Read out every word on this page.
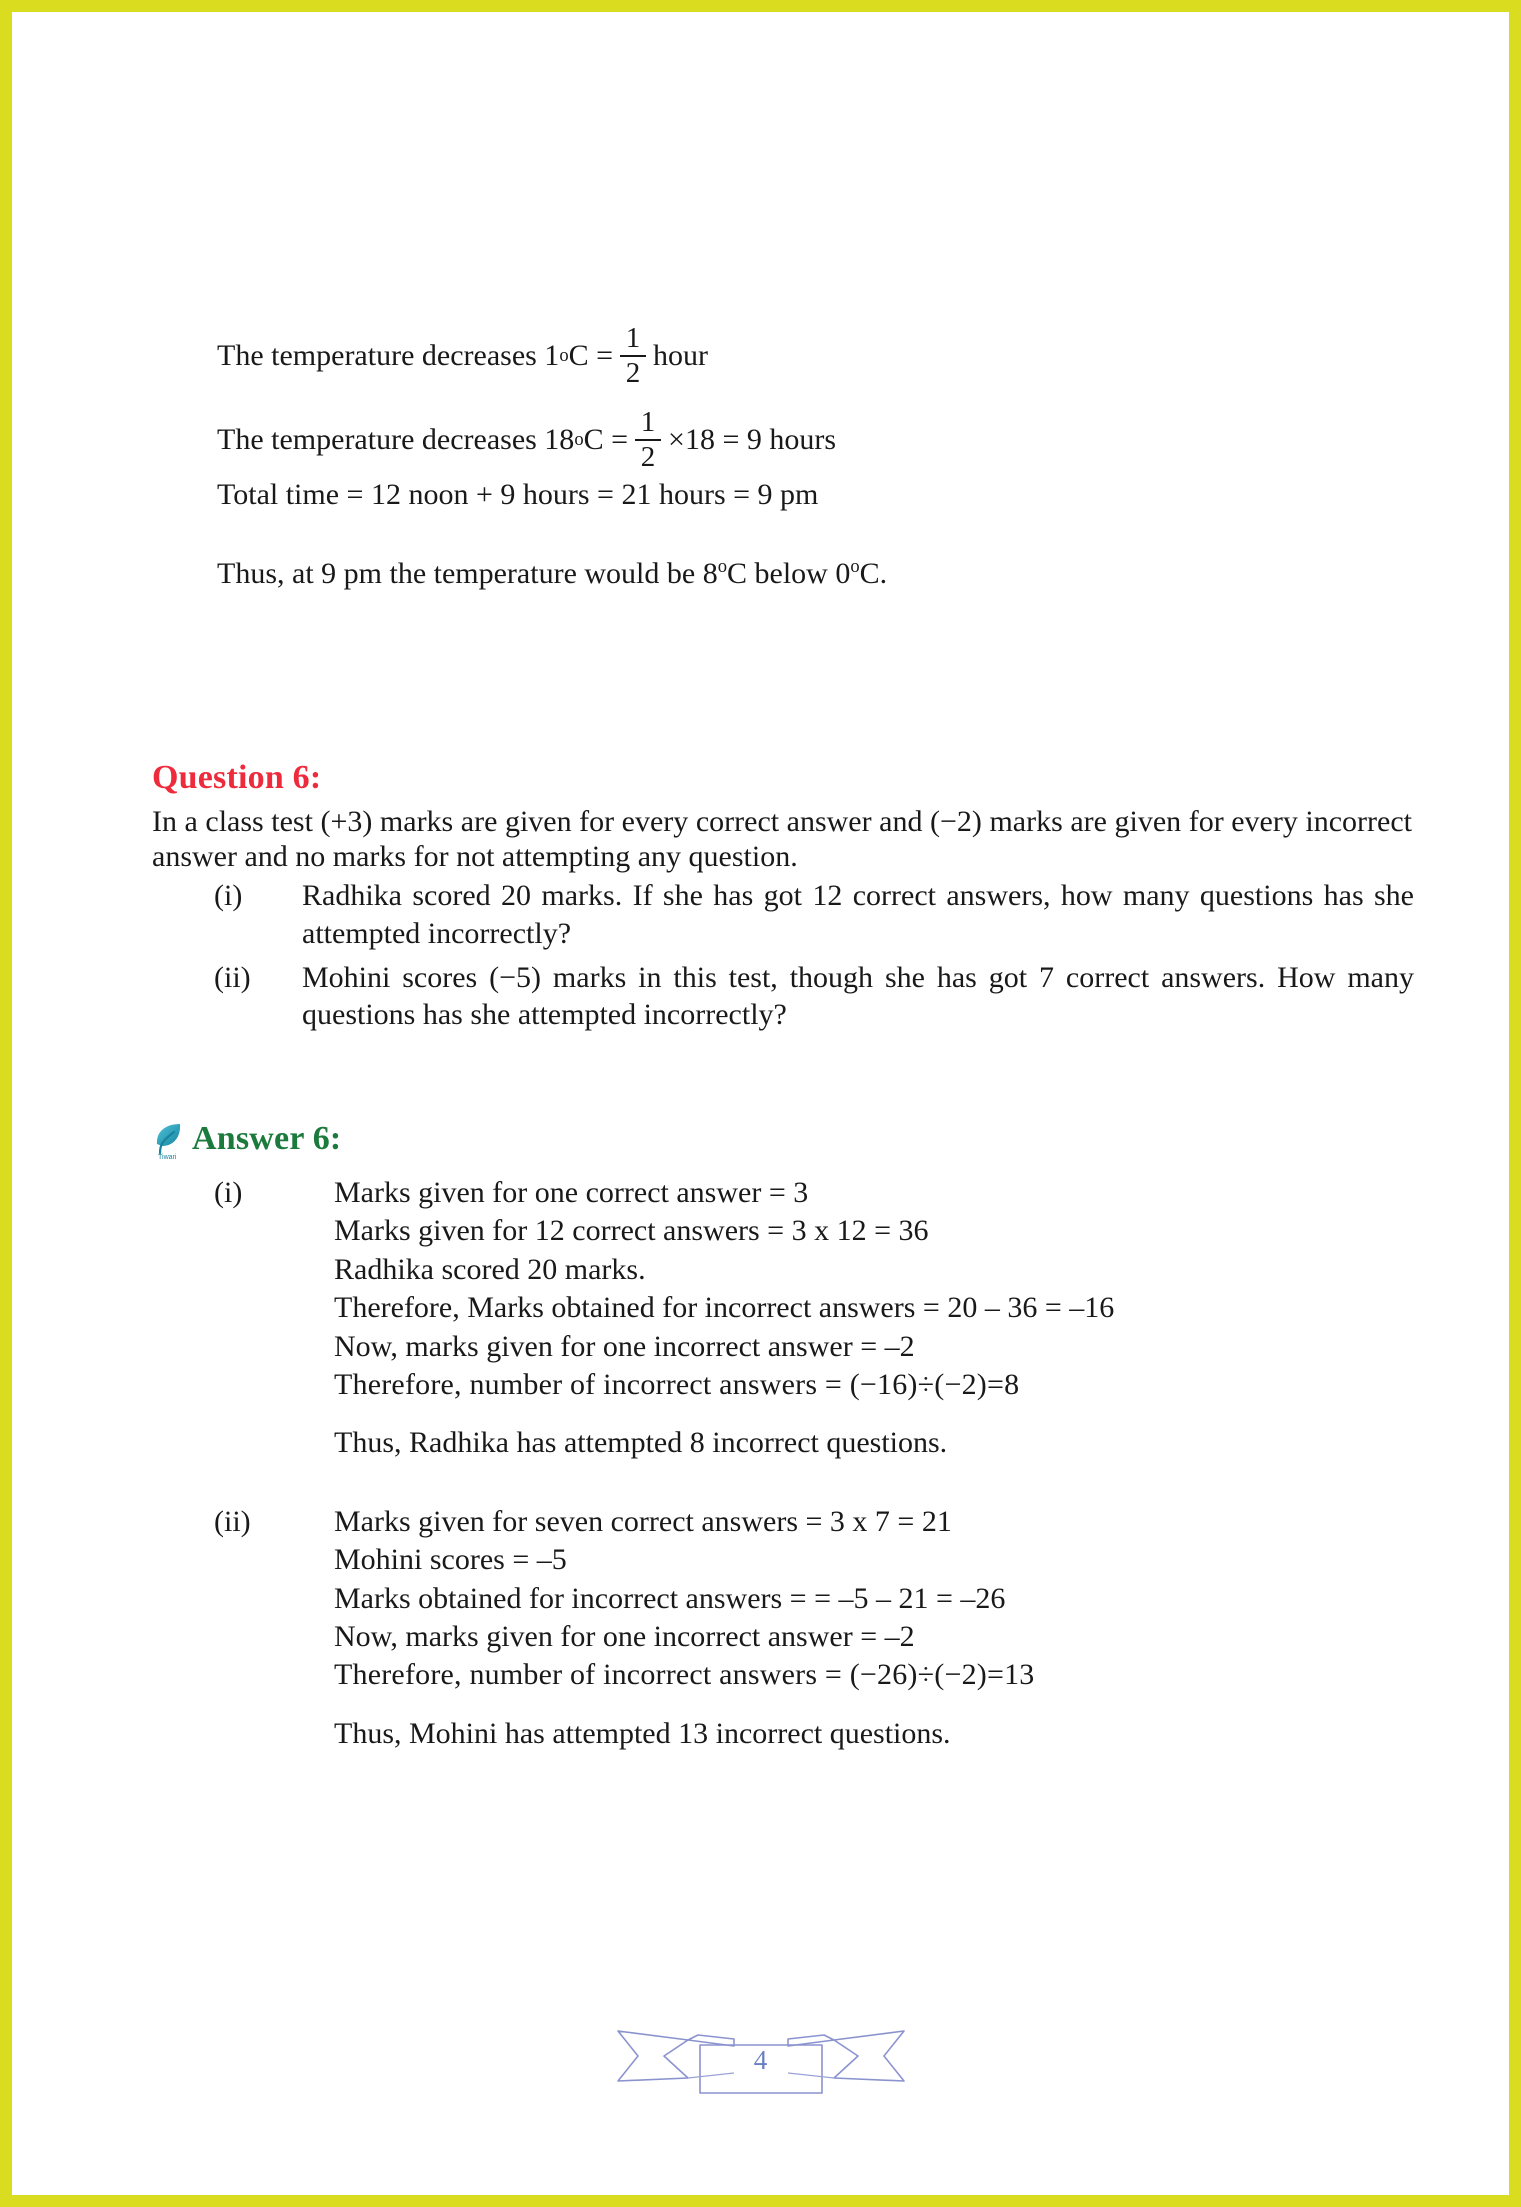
The temperature decreases 1 o $C = \frac{1}{2}$ hour
The temperature decreases 18 o $C = \frac{1}{2} \times 18 = 9$ hours
Total time = 12 noon + 9 hours = 21 hours = 9 pm
Thus, at 9 pm the temperature would be 8$^o$C below 0$^o$C.
Question 6:
In a class test (+3) marks are given for every correct answer and (−2) marks are given for every incorrect answer and no marks for not attempting any question.
(i)	Radhika scored 20 marks. If she has got 12 correct answers, how many questions has she attempted incorrectly?
(ii)	Mohini scores (−5) marks in this test, though she has got 7 correct answers. How many questions has she attempted incorrectly?
Tiwari
Answer 6:
(i)	Marks given for one correct answer = 3
Marks given for 12 correct answers = 3 x 12 = 36
Radhika scored 20 marks.
Therefore, Marks obtained for incorrect answers = 20 – 36 = –16
Now, marks given for one incorrect answer = –2
Therefore, number of incorrect answers = (−16)÷(−2)=8
Thus, Radhika has attempted 8 incorrect questions.
(ii)	Marks given for seven correct answers = 3 x 7 = 21
Mohini scores = –5
Marks obtained for incorrect answers = = –5 – 21 = –26
Now, marks given for one incorrect answer = –2
Therefore, number of incorrect answers = (−26)÷(−2)=13
Thus, Mohini has attempted 13 incorrect questions.
4
